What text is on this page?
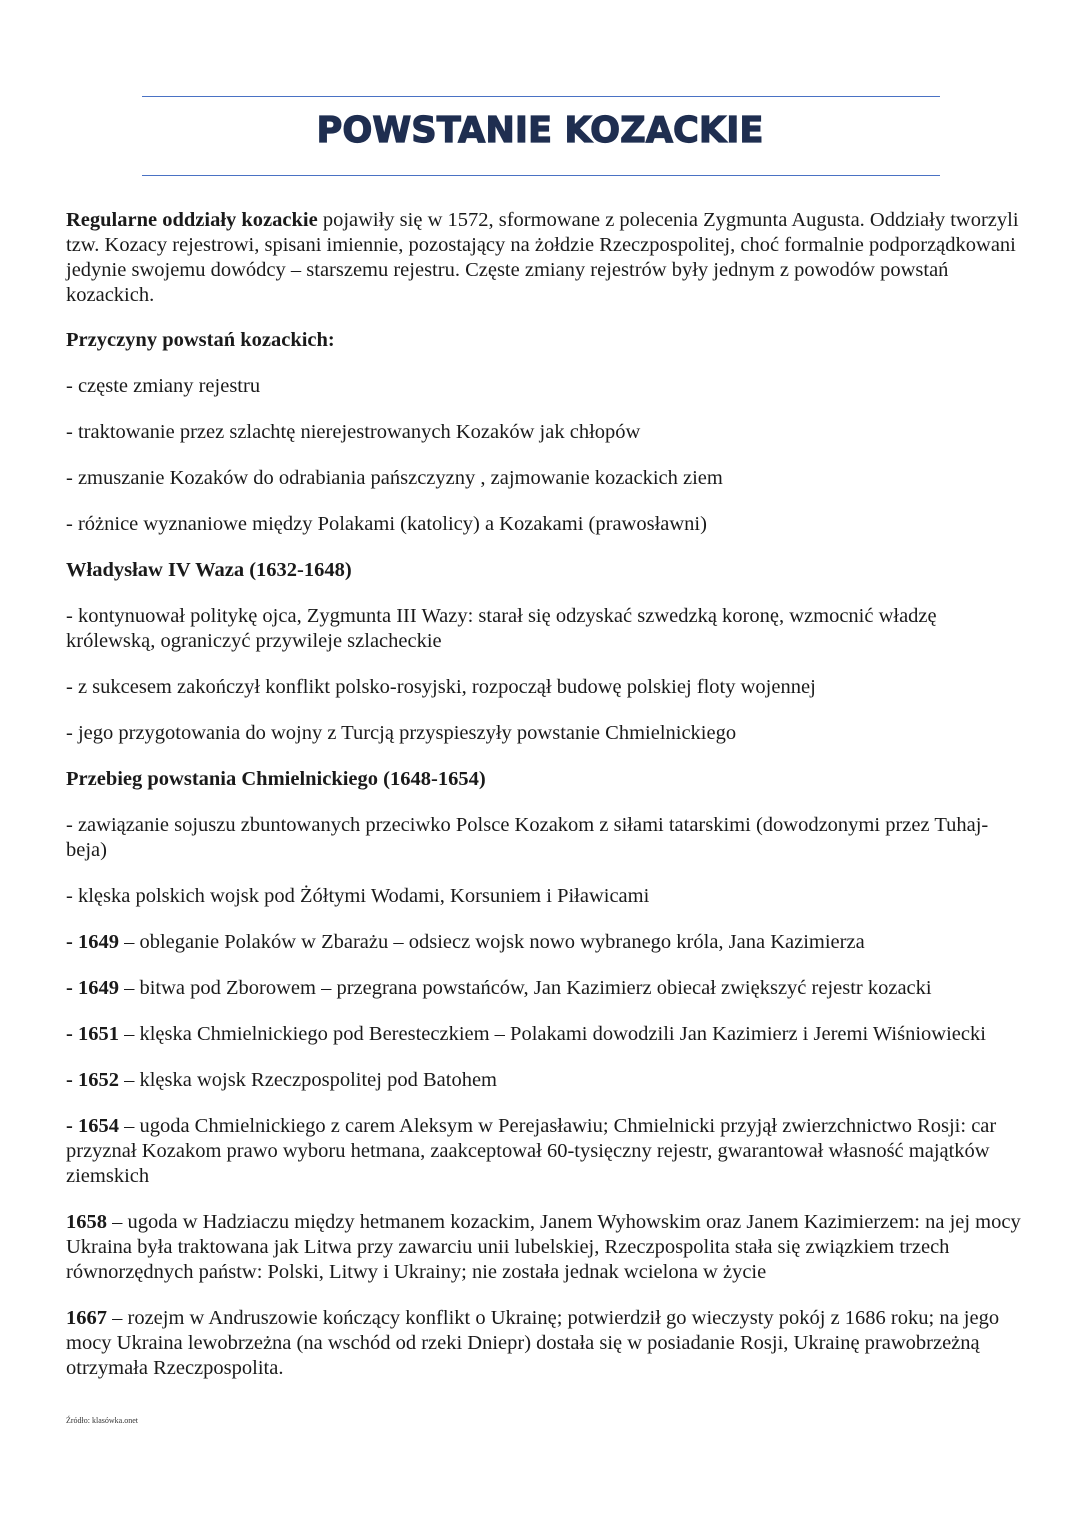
POWSTANIE KOZACKIE

Regularne oddziały kozackie pojawiły się w 1572, sformowane z polecenia Zygmunta Augusta. Oddziały tworzyli tzw. Kozacy rejestrowi, spisani imiennie, pozostający na żołdzie Rzeczpospolitej, choć formalnie podporządkowani jedynie swojemu dowódcy – starszemu rejestru. Częste zmiany rejestrów były jednym z powodów powstań kozackich.

Przyczyny powstań kozackich:

- częste zmiany rejestru

- traktowanie przez szlachtę nierejestrowanych Kozaków jak chłopów

- zmuszanie Kozaków do odrabiania pańszczyzny , zajmowanie kozackich ziem

- różnice wyznaniowe między Polakami (katolicy) a Kozakami (prawosławni)

Władysław IV Waza (1632-1648)

- kontynuował politykę ojca, Zygmunta III Wazy: starał się odzyskać szwedzką koronę, wzmocnić władzę królewską, ograniczyć przywileje szlacheckie

- z sukcesem zakończył konflikt polsko-rosyjski, rozpoczął budowę polskiej floty wojennej

- jego przygotowania do wojny z Turcją przyspieszyły powstanie Chmielnickiego

Przebieg powstania Chmielnickiego (1648-1654)

- zawiązanie sojuszu zbuntowanych przeciwko Polsce Kozakom z siłami tatarskimi (dowodzonymi przez Tuhaj-beja)

- klęska polskich wojsk pod Żółtymi Wodami, Korsuniem i Piławicami

- 1649 – obleganie Polaków w Zbarażu – odsiecz wojsk nowo wybranego króla, Jana Kazimierza

- 1649 – bitwa pod Zborowem – przegrana powstańców, Jan Kazimierz obiecał zwiększyć rejestr kozacki

- 1651 – klęska Chmielnickiego pod Beresteczkiem – Polakami dowodzili Jan Kazimierz i Jeremi Wiśniowiecki

- 1652 – klęska wojsk Rzeczpospolitej pod Batohem

- 1654 – ugoda Chmielnickiego z carem Aleksym w Perejasławiu; Chmielnicki przyjął zwierzchnictwo Rosji: car przyznał Kozakom prawo wyboru hetmana, zaakceptował 60-tysięczny rejestr, gwarantował własność majątków ziemskich

1658 – ugoda w Hadziaczu między hetmanem kozackim, Janem Wyhowskim oraz Janem Kazimierzem: na jej mocy Ukraina była traktowana jak Litwa przy zawarciu unii lubelskiej, Rzeczpospolita stała się związkiem trzech równorzędnych państw: Polski, Litwy i Ukrainy; nie została jednak wcielona w życie

1667 – rozejm w Andruszowie kończący konflikt o Ukrainę; potwierdził go wieczysty pokój z 1686 roku; na jego mocy Ukraina lewobrzeżna (na wschód od rzeki Dniepr) dostała się w posiadanie Rosji, Ukrainę prawobrzeżną otrzymała Rzeczpospolita.

Źródło: klasówka.onet
